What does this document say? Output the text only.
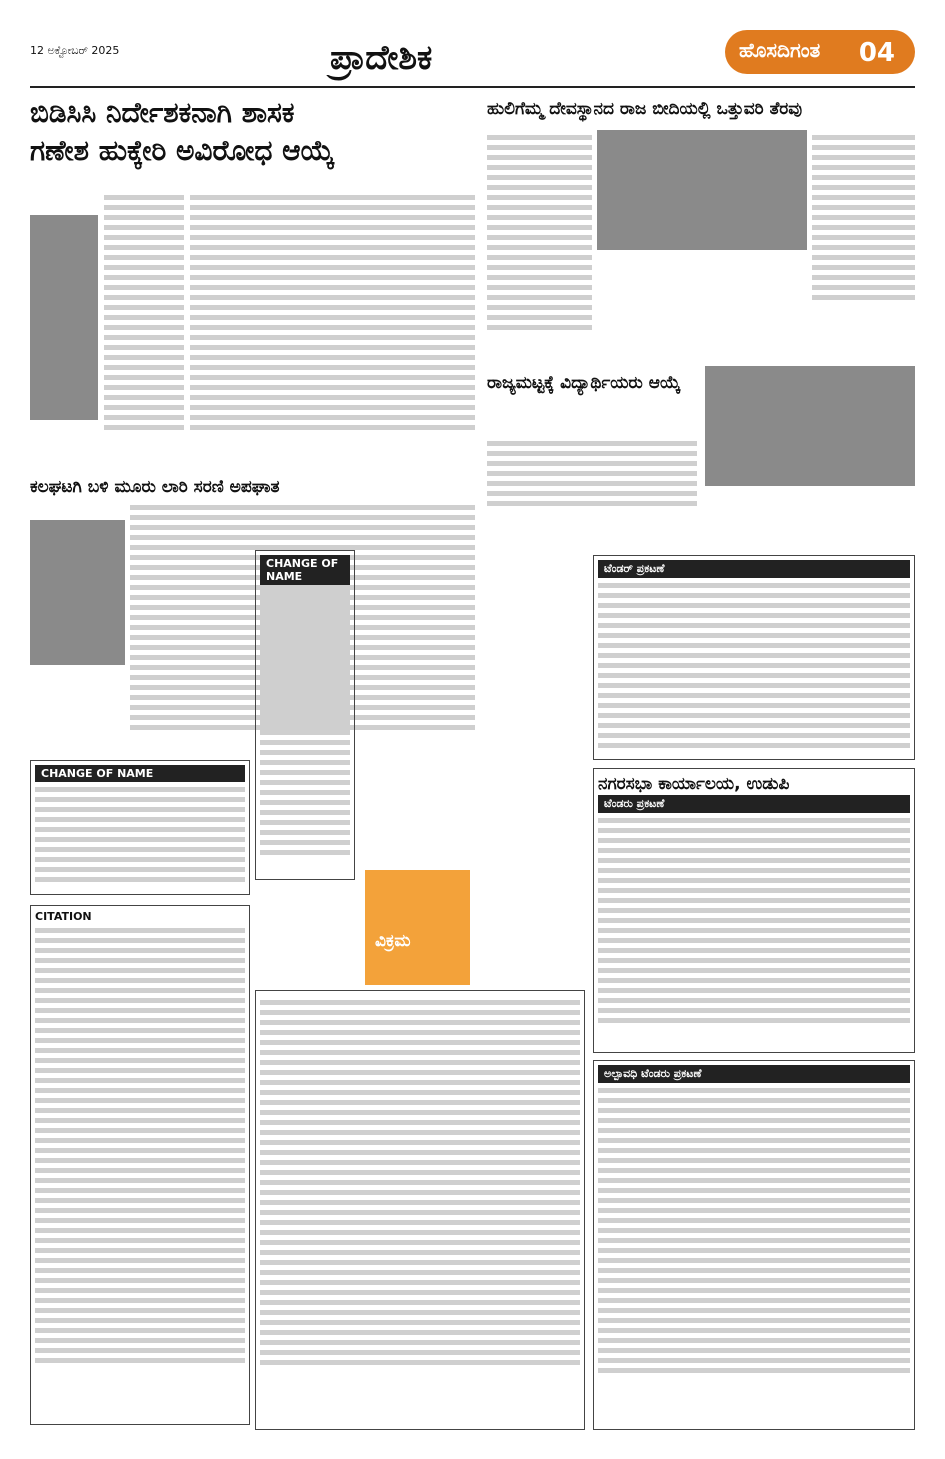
12 ಅಕ್ಟೋಬರ್ 2025	ಪ್ರಾದೇಶಿಕ	ಹೊಸದಿಗಂತ	04
ಬಿಡಿಸಿಸಿ ನಿರ್ದೇಶಕನಾಗಿ ಶಾಸಕ
ಗಣೇಶ ಹುಕ್ಕೇರಿ ಅವಿರೋಧ ಆಯ್ಕೆ
ಹುಲಿಗೆಮ್ಮ ದೇವಸ್ಥಾನದ ರಾಜ ಬೀದಿಯಲ್ಲಿ ಒತ್ತುವರಿ ತೆರವು
ರಾಜ್ಯಮಟ್ಟಕ್ಕೆ ವಿದ್ಯಾರ್ಥಿಯರು ಆಯ್ಕೆ
ಕಲಘಟಗಿ ಬಳಿ ಮೂರು ಲಾರಿ ಸರಣಿ ಅಪಘಾತ
CHANGE OF NAME
CITATION
CHANGE OF NAME
ವಿಕ್ರಮ
ಟೆಂಡರ್ ಪ್ರಕಟಣೆ
ನಗರಸಭಾ ಕಾರ್ಯಾಲಯ, ಉಡುಪಿ
ಟೆಂಡರು ಪ್ರಕಟಣೆ
ಅಲ್ಪಾವಧಿ ಟೆಂಡರು ಪ್ರಕಟಣೆ
